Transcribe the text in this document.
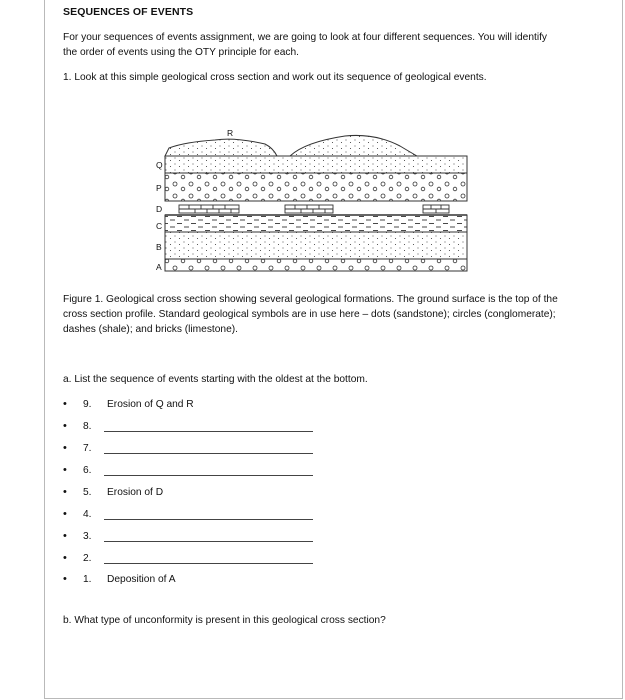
SEQUENCES OF EVENTS
For your sequences of events assignment, we are going to look at four different sequences. You will identify the order of events using the OTY principle for each.
1. Look at this simple geological cross section and work out its sequence of geological events.
R
Q
P
D
C
B
A
Figure 1. Geological cross section showing several geological formations. The ground surface is the top of the cross section profile. Standard geological symbols are in use here – dots (sandstone); circles (conglomerate); dashes (shale); and bricks (limestone).
a. List the sequence of events starting with the oldest at the bottom.
• 9. Erosion of Q and R
• 8.
• 7.
• 6.
• 5. Erosion of D
• 4.
• 3.
• 2.
• 1. Deposition of A
b. What type of unconformity is present in this geological cross section?
